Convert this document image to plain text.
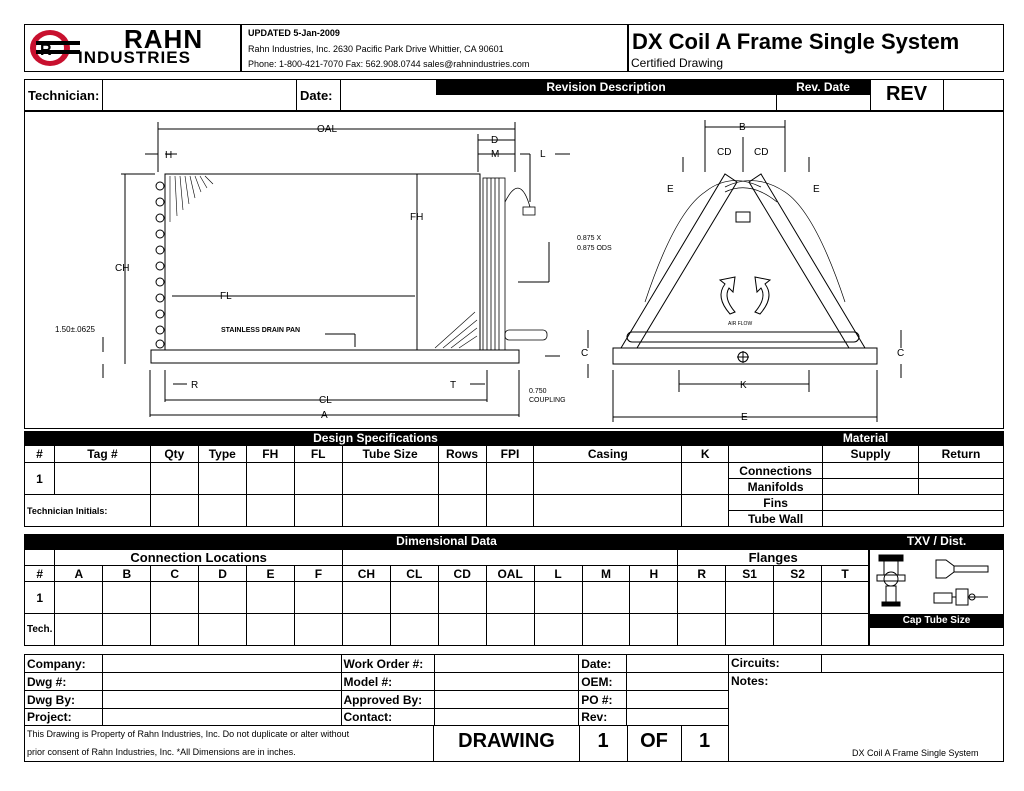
R	RAHN
INDUSTRIES
UPDATED 5-Jan-2009
Rahn Industries, Inc. 2630 Pacific Park Drive Whittier, CA 90601
Phone: 1-800-421-7070 Fax: 562.908.0744 sales@rahnindustries.com
DX Coil A Frame Single System
Certified Drawing
Technician:	Date:
Revision Description	Rev. Date	REV
OAL
H
D
M	L
FH
CH
FL
STAINLESS DRAIN PAN
1.50±.0625
R	T
CL
A
0.875 X
0.875 ODS
0.750
COUPLING
B
CD CD
E	E
C	C
K
E
AIR FLOW
Design Specifications	Material
#	Tag #	Qty	Type	FH	FL	Tube Size	Rows	FPI	Casing	K		Supply	Return
1											Connections		
											Manifolds		
Technician Initials:											Fins		
											Tube Wall		
Dimensional Data	TXV / Dist.
	Connection Locations													Flanges			
#	A	B	C	D	E	F	CH	CL	CD	OAL	L	M	H	R	S1	S2	T
1																	
Tech.																	
Cap Tube Size
Company:		Work Order #:		Date:	
Dwg #:		Model #:		OEM:	
Dwg By:		Approved By:		PO #:	
Project:		Contact:		Rev:	
This Drawing is Property of Rahn Industries, Inc. Do not duplicate or alter without
prior consent of Rahn Industries, Inc. *All Dimensions are in inches.	DRAWING	1	OF	1
Circuits:
Notes:
DX Coil A Frame Single System
